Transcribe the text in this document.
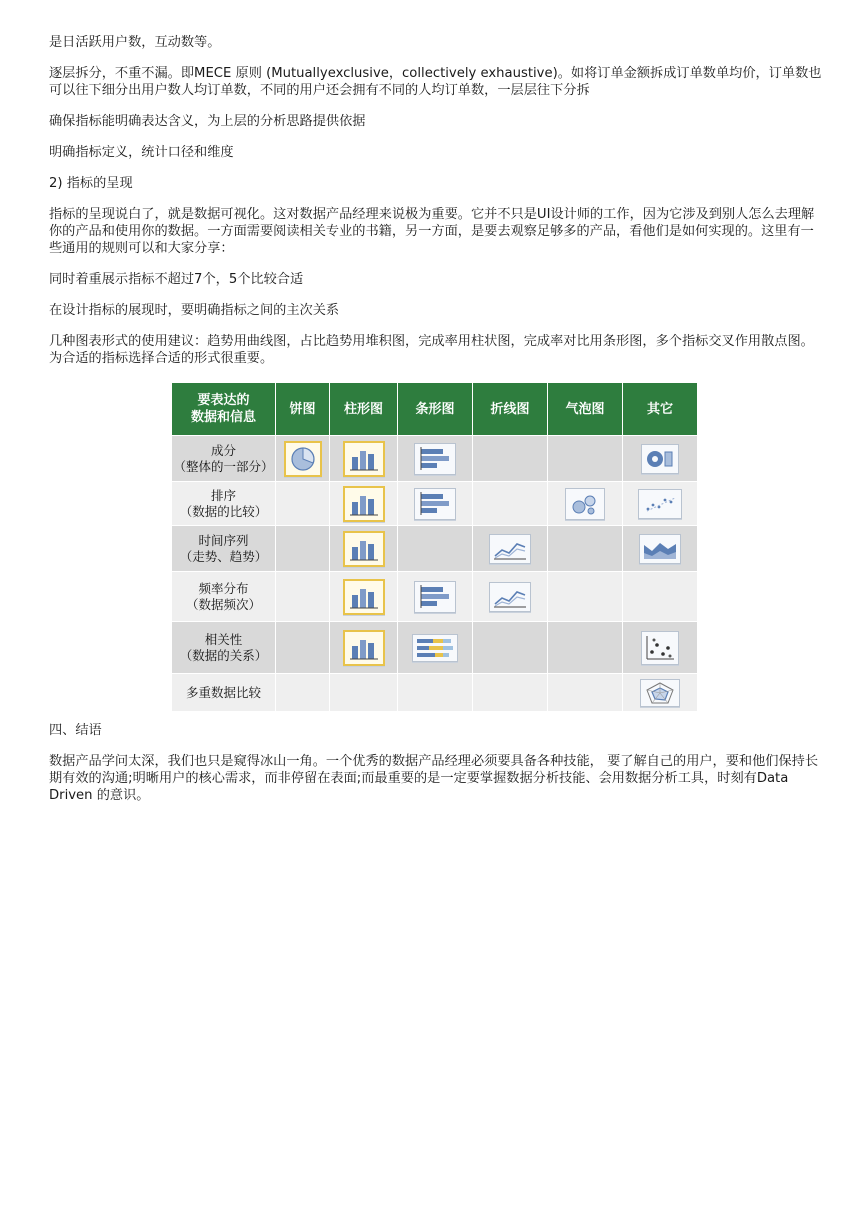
是日活跃用户数，互动数等。

逐层拆分，不重不漏。即MECE 原则 (Mutuallyexclusive，collectively exhaustive)。如将订单金额拆成订单数单均价，订单数也可以往下细分出用户数人均订单数，不同的用户还会拥有不同的人均订单数，一层层往下分拆

确保指标能明确表达含义，为上层的分析思路提供依据

明确指标定义，统计口径和维度

2) 指标的呈现

指标的呈现说白了，就是数据可视化。这对数据产品经理来说极为重要。它并不只是UI设计师的工作，因为它涉及到别人怎么去理解你的产品和使用你的数据。一方面需要阅读相关专业的书籍，另一方面，是要去观察足够多的产品，看他们是如何实现的。这里有一些通用的规则可以和大家分享：

同时着重展示指标不超过7个，5个比较合适

在设计指标的展现时，要明确指标之间的主次关系

几种图表形式的使用建议：趋势用曲线图，占比趋势用堆积图，完成率用柱状图，完成率对比用条形图，多个指标交叉作用散点图。为合适的指标选择合适的形式很重要。

要表达的
数据和信息	饼图	柱形图	条形图	折线图	气泡图	其它
成分
（整体的一部分）	

排序
（数据的比较）		

时间序列
（走势、趋势）		

频率分布
（数据频次）		

相关性
（数据的关系）		

多重数据比较						

四、结语

数据产品学问太深，我们也只是窥得冰山一角。一个优秀的数据产品经理必须要具备各种技能， 要了解自己的用户，要和他们保持长期有效的沟通;明晰用户的核心需求，而非停留在表面;而最重要的是一定要掌握数据分析技能、会用数据分析工具，时刻有Data Driven 的意识。
